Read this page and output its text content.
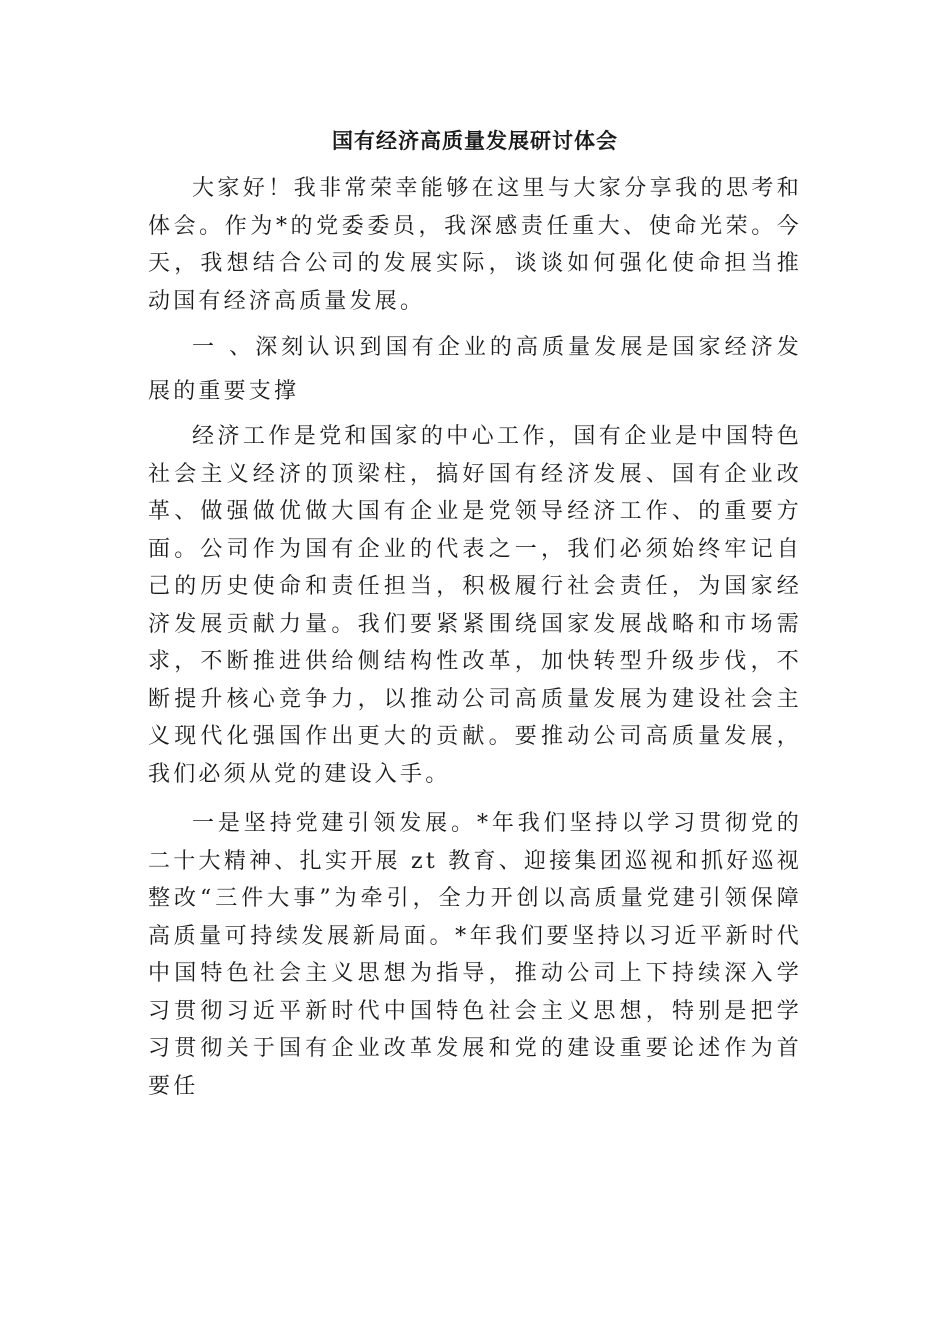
国有经济高质量发展研讨体会

大家好！我非常荣幸能够在这里与大家分享我的思考和体会。作为*的党委委员，我深感责任重大、使命光荣。今天，我想结合公司的发展实际，谈谈如何强化使命担当推动国有经济高质量发展。

一 、深刻认识到国有企业的高质量发展是国家经济发展的重要支撑

经济工作是党和国家的中心工作，国有企业是中国特色社会主义经济的顶梁柱，搞好国有经济发展、国有企业改革、做强做优做大国有企业是党领导经济工作、的重要方面。公司作为国有企业的代表之一，我们必须始终牢记自己的历史使命和责任担当，积极履行社会责任，为国家经济发展贡献力量。我们要紧紧围绕国家发展战略和市场需求，不断推进供给侧结构性改革，加快转型升级步伐，不断提升核心竞争力，以推动公司高质量发展为建设社会主义现代化强国作出更大的贡献。要推动公司高质量发展，我们必须从党的建设入手。

一是坚持党建引领发展。*年我们坚持以学习贯彻党的二十大精神、扎实开展 zt 教育、迎接集团巡视和抓好巡视整改“三件大事”为牵引，全力开创以高质量党建引领保障高质量可持续发展新局面。*年我们要坚持以习近平新时代中国特色社会主义思想为指导，推动公司上下持续深入学习贯彻习近平新时代中国特色社会主义思想，特别是把学习贯彻关于国有企业改革发展和党的建设重要论述作为首要任
